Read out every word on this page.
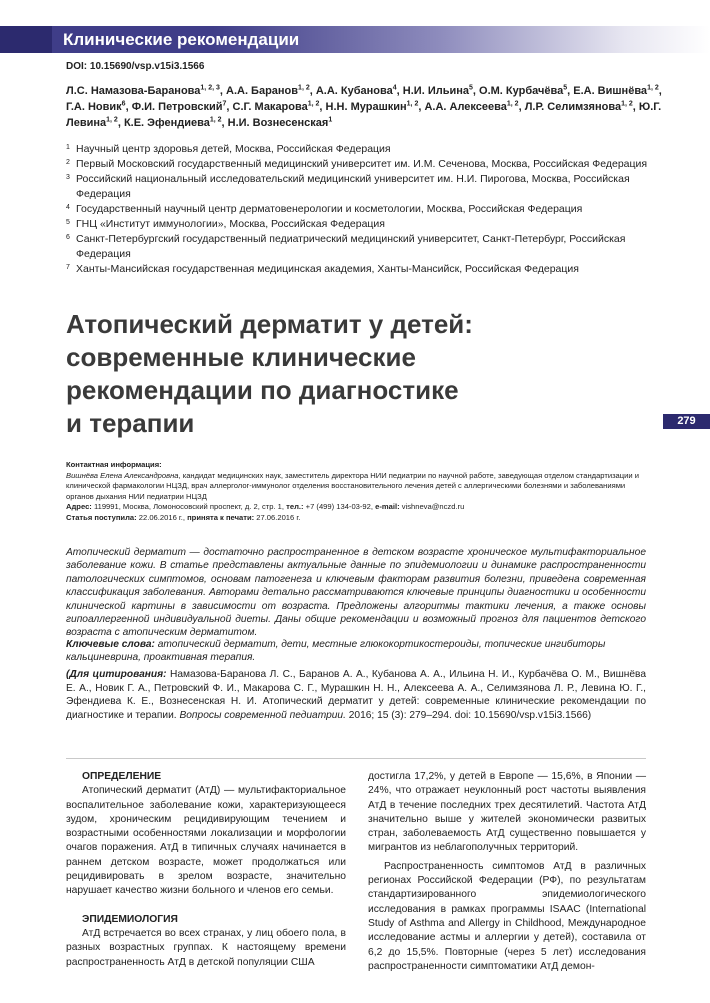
Клинические рекомендации
DOI: 10.15690/vsp.v15i3.1566
Л.С. Намазова-Баранова$^{1, 2, 3}$, А.А. Баранов$^{1, 2}$, А.А. Кубанова$^4$, Н.И. Ильина$^5$, О.М. Курбачёва$^5$, Е.А. Вишнёва$^{1, 2}$, Г.А. Новик$^6$, Ф.И. Петровский$^7$, С.Г. Макарова$^{1, 2}$, Н.Н. Мурашкин$^{1, 2}$, А.А. Алексеева$^{1, 2}$, Л.Р. Селимзянова$^{1, 2}$, Ю.Г. Левина$^{1, 2}$, К.Е. Эфендиева$^{1, 2}$, Н.И. Вознесенская$^1$
1 Научный центр здоровья детей, Москва, Российская Федерация
2 Первый Московский государственный медицинский университет им. И.М. Сеченова, Москва, Российская Федерация
3 Российский национальный исследовательский медицинский университет им. Н.И. Пирогова, Москва, Российская Федерация
4 Государственный научный центр дерматовенерологии и косметологии, Москва, Российская Федерация
5 ГНЦ «Институт иммунологии», Москва, Российская Федерация
6 Санкт-Петербургский государственный педиатрический медицинский университет, Санкт-Петербург, Российская Федерация
7 Ханты-Мансийская государственная медицинская академия, Ханты-Мансийск, Российская Федерация
Атопический дерматит у детей:
современные клинические
рекомендации по диагностике
и терапии	279
Контактная информация:
Вишнёва Елена Александровна, кандидат медицинских наук, заместитель директора НИИ педиатрии по научной работе, заведующая отделом стандартизации и клинической фармакологии НЦЗД, врач аллерголог-иммунолог отделения восстановительного лечения детей с аллергическими болезнями и заболеваниями органов дыхания НИИ педиатрии НЦЗД
Адрес: 119991, Москва, Ломоносовский проспект, д. 2, стр. 1, тел.: +7 (499) 134-03-92, e-mail: vishneva@nczd.ru
Статья поступила: 22.06.2016 г., принята к печати: 27.06.2016 г.
Атопический дерматит — достаточно распространенное в детском возрасте хроническое мультифакториальное заболевание кожи. В статье представлены актуальные данные по эпидемиологии и динамике распространенности патологических симптомов, основам патогенеза и ключевым факторам развития болезни, приведена современная классификация заболевания. Авторами детально рассматриваются ключевые принципы диагностики и особенности клинической картины в зависимости от возраста. Предложены алгоритмы тактики лечения, а также основы гипоаллергенной индивидуальной диеты. Даны общие рекомендации и возможный прогноз для пациентов детского возраста с атопическим дерматитом.
Ключевые слова: атопический дерматит, дети, местные глюкокортикостероиды, топические ингибиторы кальциневрина, проактивная терапия.
(Для цитирования: Намазова-Баранова Л. С., Баранов А. А., Кубанова А. А., Ильина Н. И., Курбачёва О. М., Вишнёва Е. А., Новик Г. А., Петровский Ф. И., Макарова С. Г., Мурашкин Н. Н., Алексеева А. А., Селимзянова Л. Р., Левина Ю. Г., Эфендиева К. Е., Вознесенская Н. И. Атопический дерматит у детей: современные клинические рекомендации по диагностике и терапии. Вопросы современной педиатрии. 2016; 15 (3): 279–294. doi: 10.15690/vsp.v15i3.1566)
ОПРЕДЕЛЕНИЕ

Атопический дерматит (АтД) — мультифакториальное воспалительное заболевание кожи, характеризующееся зудом, хроническим рецидивирующим течением и возрастными особенностями локализации и морфологии очагов поражения. АтД в типичных случаях начинается в раннем детском возрасте, может продолжаться или рецидивировать в зрелом возрасте, значительно нарушает качество жизни больного и членов его семьи.

ЭПИДЕМИОЛОГИЯ

АтД встречается во всех странах, у лиц обоего пола, в разных возрастных группах. К настоящему времени распространенность АтД в детской популяции США

достигла 17,2%, у детей в Европе — 15,6%, в Японии — 24%, что отражает неуклонный рост частоты выявления АтД в течение последних трех десятилетий. Частота АтД значительно выше у жителей экономически развитых стран, заболеваемость АтД существенно повышается у мигрантов из неблагополучных территорий.

Распространенность симптомов АтД в различных регионах Российской Федерации (РФ), по результатам стандартизированного эпидемиологического исследования в рамках программы ISAAC (International Study of Asthma and Allergy in Childhood, Международное исследование астмы и аллергии у детей), составила от 6,2 до 15,5%. Повторные (через 5 лет) исследования распространенности симптоматики АтД демон-
